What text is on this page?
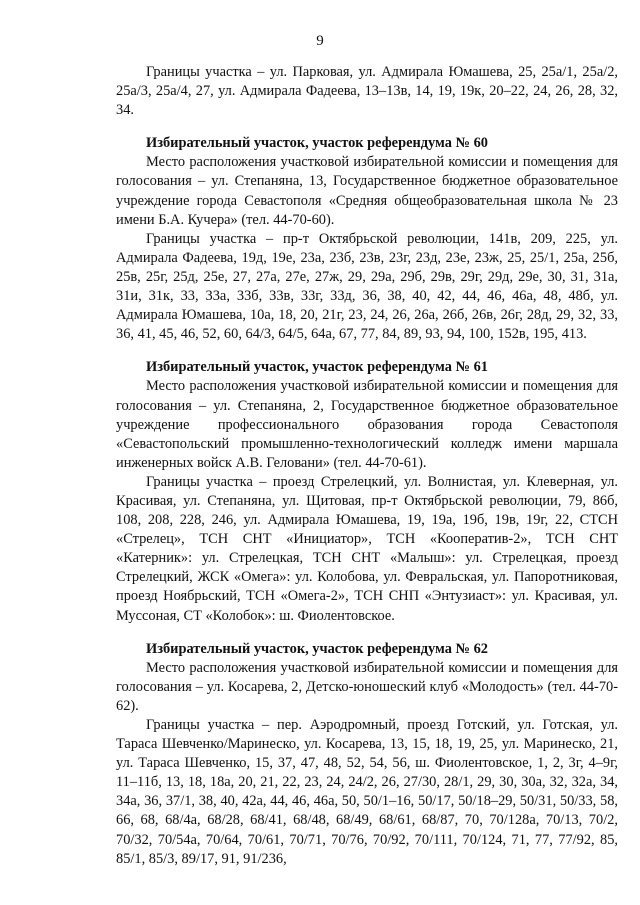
9

Границы участка – ул. Парковая, ул. Адмирала Юмашева, 25, 25а/1, 25а/2, 25а/3, 25а/4, 27, ул. Адмирала Фадеева, 13–13в, 14, 19, 19к, 20–22, 24, 26, 28, 32, 34.

Избирательный участок, участок референдума № 60

Место расположения участковой избирательной комиссии и помещения для голосования – ул. Степаняна, 13, Государственное бюджетное образовательное учреждение города Севастополя «Средняя общеобразовательная школа № 23 имени Б.А. Кучера» (тел. 44-70-60).

Границы участка – пр-т Октябрьской революции, 141в, 209, 225, ул. Адмирала Фадеева, 19д, 19е, 23а, 23б, 23в, 23г, 23д, 23е, 23ж, 25, 25/1, 25а, 25б, 25в, 25г, 25д, 25е, 27, 27а, 27е, 27ж, 29, 29а, 29б, 29в, 29г, 29д, 29е, 30, 31, 31а, 31и, 31к, 33, 33а, 33б, 33в, 33г, 33д, 36, 38, 40, 42, 44, 46, 46а, 48, 48б, ул. Адмирала Юмашева, 10а, 18, 20, 21г, 23, 24, 26, 26а, 26б, 26в, 26г, 28д, 29, 32, 33, 36, 41, 45, 46, 52, 60, 64/3, 64/5, 64а, 67, 77, 84, 89, 93, 94, 100, 152в, 195, 413.

Избирательный участок, участок референдума № 61

Место расположения участковой избирательной комиссии и помещения для голосования – ул. Степаняна, 2, Государственное бюджетное образовательное учреждение профессионального образования города Севастополя «Севастопольский промышленно-технологический колледж имени маршала инженерных войск А.В. Геловани» (тел. 44-70-61).

Границы участка – проезд Стрелецкий, ул. Волнистая, ул. Клеверная, ул. Красивая, ул. Степаняна, ул. Щитовая, пр-т Октябрьской революции, 79, 86б, 108, 208, 228, 246, ул. Адмирала Юмашева, 19, 19а, 19б, 19в, 19г, 22, СТСН «Стрелец», ТСН СНТ «Инициатор», ТСН «Кооператив-2», ТСН СНТ «Катерник»: ул. Стрелецкая, ТСН СНТ «Малыш»: ул. Стрелецкая, проезд Стрелецкий, ЖСК «Омега»: ул. Колобова, ул. Февральская, ул. Папоротниковая, проезд Ноябрьский, ТСН «Омега-2», ТСН СНП «Энтузиаст»: ул. Красивая, ул. Муссоная, СТ «Колобок»: ш. Фиолентовское.

Избирательный участок, участок референдума № 62

Место расположения участковой избирательной комиссии и помещения для голосования – ул. Косарева, 2, Детско-юношеский клуб «Молодость» (тел. 44-70-62).

Границы участка – пер. Аэродромный, проезд Готский, ул. Готская, ул. Тараса Шевченко/Маринеско, ул. Косарева, 13, 15, 18, 19, 25, ул. Маринеско, 21, ул. Тараса Шевченко, 15, 37, 47, 48, 52, 54, 56, ш. Фиолентовское, 1, 2, 3г, 4–9г, 11–11б, 13, 18, 18а, 20, 21, 22, 23, 24, 24/2, 26, 27/30, 28/1, 29, 30, 30а, 32, 32а, 34, 34а, 36, 37/1, 38, 40, 42а, 44, 46, 46а, 50, 50/1–16, 50/17, 50/18–29, 50/31, 50/33, 58, 66, 68, 68/4а, 68/28, 68/41, 68/48, 68/49, 68/61, 68/87, 70, 70/128а, 70/13, 70/2, 70/32, 70/54а, 70/64, 70/61, 70/71, 70/76, 70/92, 70/111, 70/124, 71, 77, 77/92, 85, 85/1, 85/3, 89/17, 91, 91/236,
